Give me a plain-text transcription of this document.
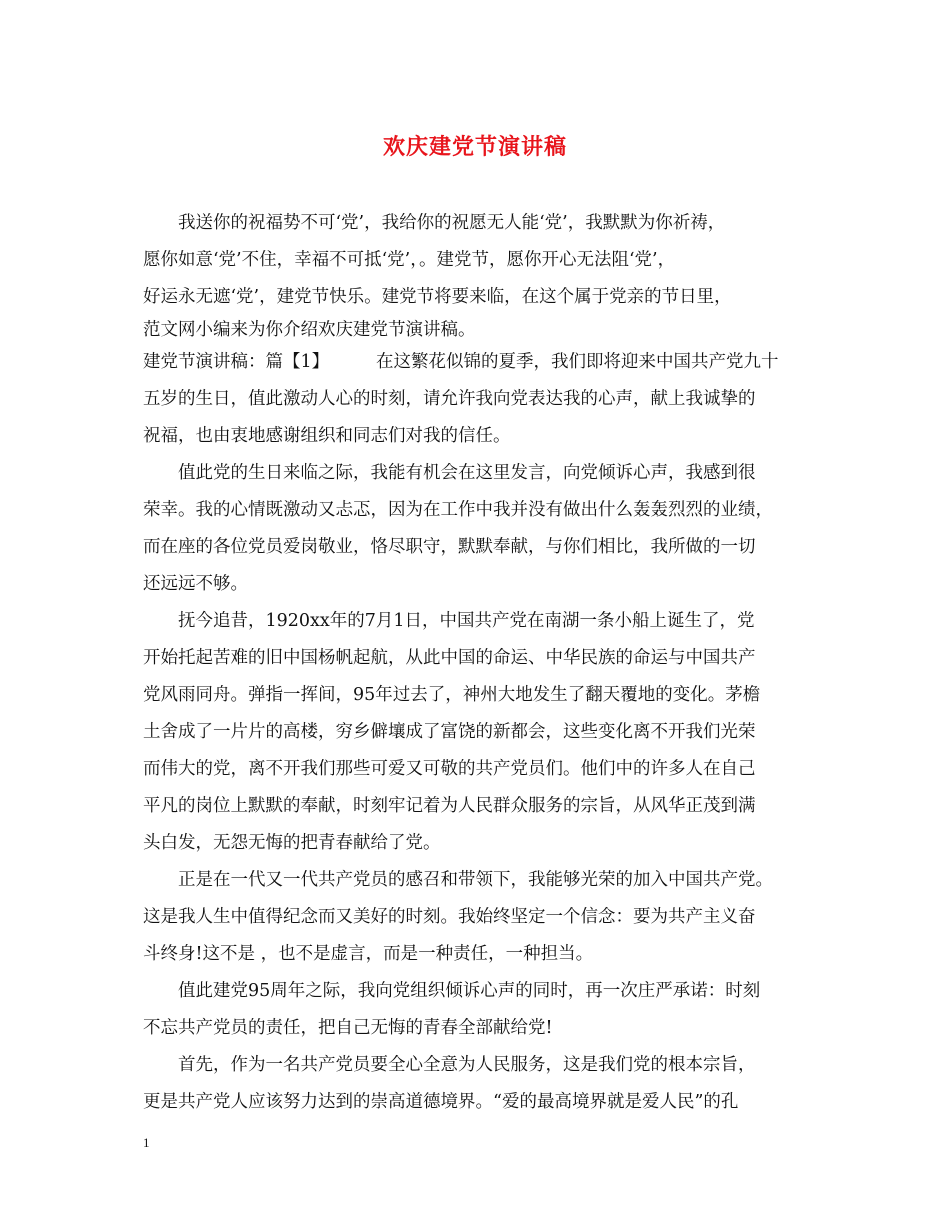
欢庆建党节演讲稿
我送你的祝福势不可‘党’，我给你的祝愿无人能‘党’，我默默为你祈祷，
愿你如意‘党’不住，幸福不可抵‘党’，。建党节，愿你开心无法阻‘党’，
好运永无遮‘党’，建党节快乐。建党节将要来临，在这个属于党亲的节日里，
范文网小编来为你介绍欢庆建党节演讲稿。
建党节演讲稿：篇【1】	在这繁花似锦的夏季，我们即将迎来中国共产党九十
五岁的生日，值此激动人心的时刻，请允许我向党表达我的心声，献上我诚挚的
祝福，也由衷地感谢组织和同志们对我的信任。
值此党的生日来临之际，我能有机会在这里发言，向党倾诉心声，我感到很
荣幸。我的心情既激动又忐忑，因为在工作中我并没有做出什么轰轰烈烈的业绩，
而在座的各位党员爱岗敬业，恪尽职守，默默奉献，与你们相比，我所做的一切
还远远不够。
抚今追昔，1920xx年的7月1日，中国共产党在南湖一条小船上诞生了，党
开始托起苦难的旧中国杨帆起航，从此中国的命运、中华民族的命运与中国共产
党风雨同舟。弹指一挥间，95年过去了，神州大地发生了翻天覆地的变化。茅檐
土舍成了一片片的高楼，穷乡僻壤成了富饶的新都会，这些变化离不开我们光荣
而伟大的党，离不开我们那些可爱又可敬的共产党员们。他们中的许多人在自己
平凡的岗位上默默的奉献，时刻牢记着为人民群众服务的宗旨，从风华正茂到满
头白发，无怨无悔的把青春献给了党。
正是在一代又一代共产党员的感召和带领下，我能够光荣的加入中国共产党。
这是我人生中值得纪念而又美好的时刻。我始终坚定一个信念：要为共产主义奋
斗终身!这不是 ，也不是虚言，而是一种责任，一种担当。
值此建党95周年之际，我向党组织倾诉心声的同时，再一次庄严承诺：时刻
不忘共产党员的责任，把自己无悔的青春全部献给党!
首先，作为一名共产党员要全心全意为人民服务，这是我们党的根本宗旨，
更是共产党人应该努力达到的崇高道德境界。“爱的最高境界就是爱人民”的孔
1
